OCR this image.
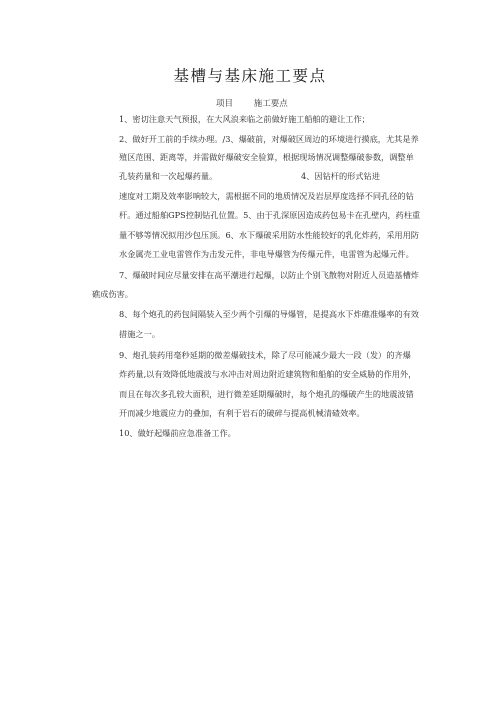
基槽与基床施工要点
项目 施工要点
1、密切注意天气预报，在大风浪来临之前做好施工船舶的避让工作；
2、做好开工前的手续办理。/3、爆破前，对爆破区周边的环境进行摸底，尤其是养
殖区范围、距离等，并需做好爆破安全验算，根据现场情况调整爆破参数，调整单
孔装药量和一次起爆药量。	4、因钻杆的形式钻进
速度对工期及效率影响较大，需根据不同的地质情况及岩层厚度选择不同孔径的钻
杆。通过船舶GPS控制钻孔位置。5、由于孔深原因造成药包易卡在孔壁内，药柱重
量不够等情况拟用沙包压顶。6、水下爆破采用防水性能较好的乳化炸药，采用用防
水金属壳工业电雷管作为击发元件，非电导爆管为传爆元件，电雷管为起爆元件。
7、爆破时间应尽量安排在高平潮进行起爆，以防止个别飞散物对附近人员造基槽炸
礁成伤害。
8、每个炮孔的药包间隔装入至少两个引爆的导爆管，是提高水下炸礁准爆率的有效
措施之一。
9、炮孔装药用毫秒延期的微差爆破技术，除了尽可能减少最大一段（发）的齐爆
炸药量,以有效降低地震波与水冲击对周边附近建筑物和船舶的安全威胁的作用外，
而且在每次多孔较大面积，进行微差延期爆破时，每个炮孔的爆破产生的地震波错
开而减少地震应力的叠加，有利于岩石的破碎与提高机械清碴效率。
10、做好起爆前应急准备工作。
